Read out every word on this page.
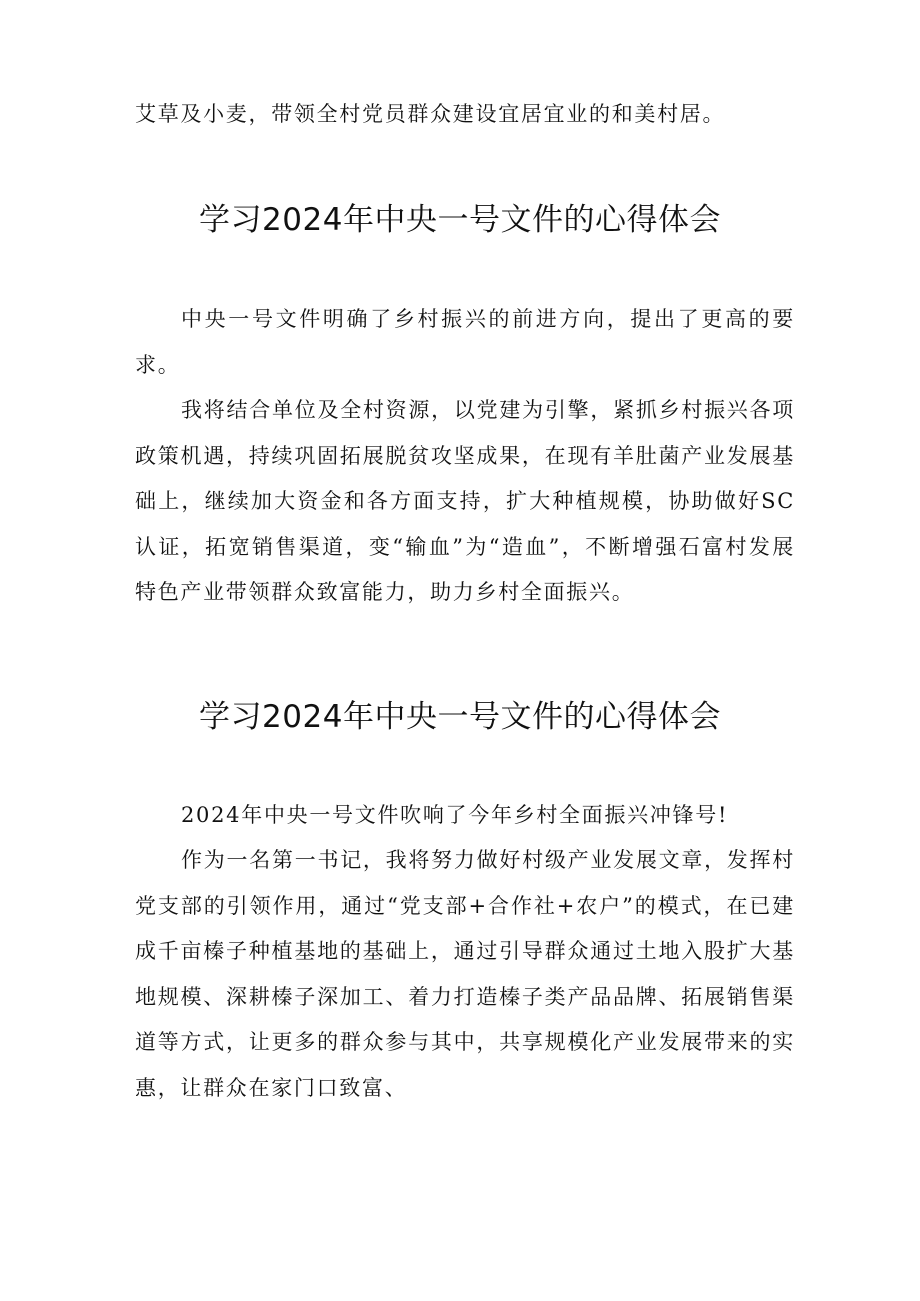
艾草及小麦，带领全村党员群众建设宜居宜业的和美村居。

学习2024年中央一号文件的心得体会

中央一号文件明确了乡村振兴的前进方向，提出了更高的要求。

我将结合单位及全村资源，以党建为引擎，紧抓乡村振兴各项政策机遇，持续巩固拓展脱贫攻坚成果，在现有羊肚菌产业发展基础上，继续加大资金和各方面支持，扩大种植规模，协助做好SC认证，拓宽销售渠道，变“输血”为“造血”，不断增强石富村发展特色产业带领群众致富能力，助力乡村全面振兴。

学习2024年中央一号文件的心得体会

2024年中央一号文件吹响了今年乡村全面振兴冲锋号!

作为一名第一书记，我将努力做好村级产业发展文章，发挥村党支部的引领作用，通过“党支部+合作社+农户”的模式，在已建成千亩榛子种植基地的基础上，通过引导群众通过土地入股扩大基地规模、深耕榛子深加工、着力打造榛子类产品品牌、拓展销售渠道等方式，让更多的群众参与其中，共享规模化产业发展带来的实惠，让群众在家门口致富、
